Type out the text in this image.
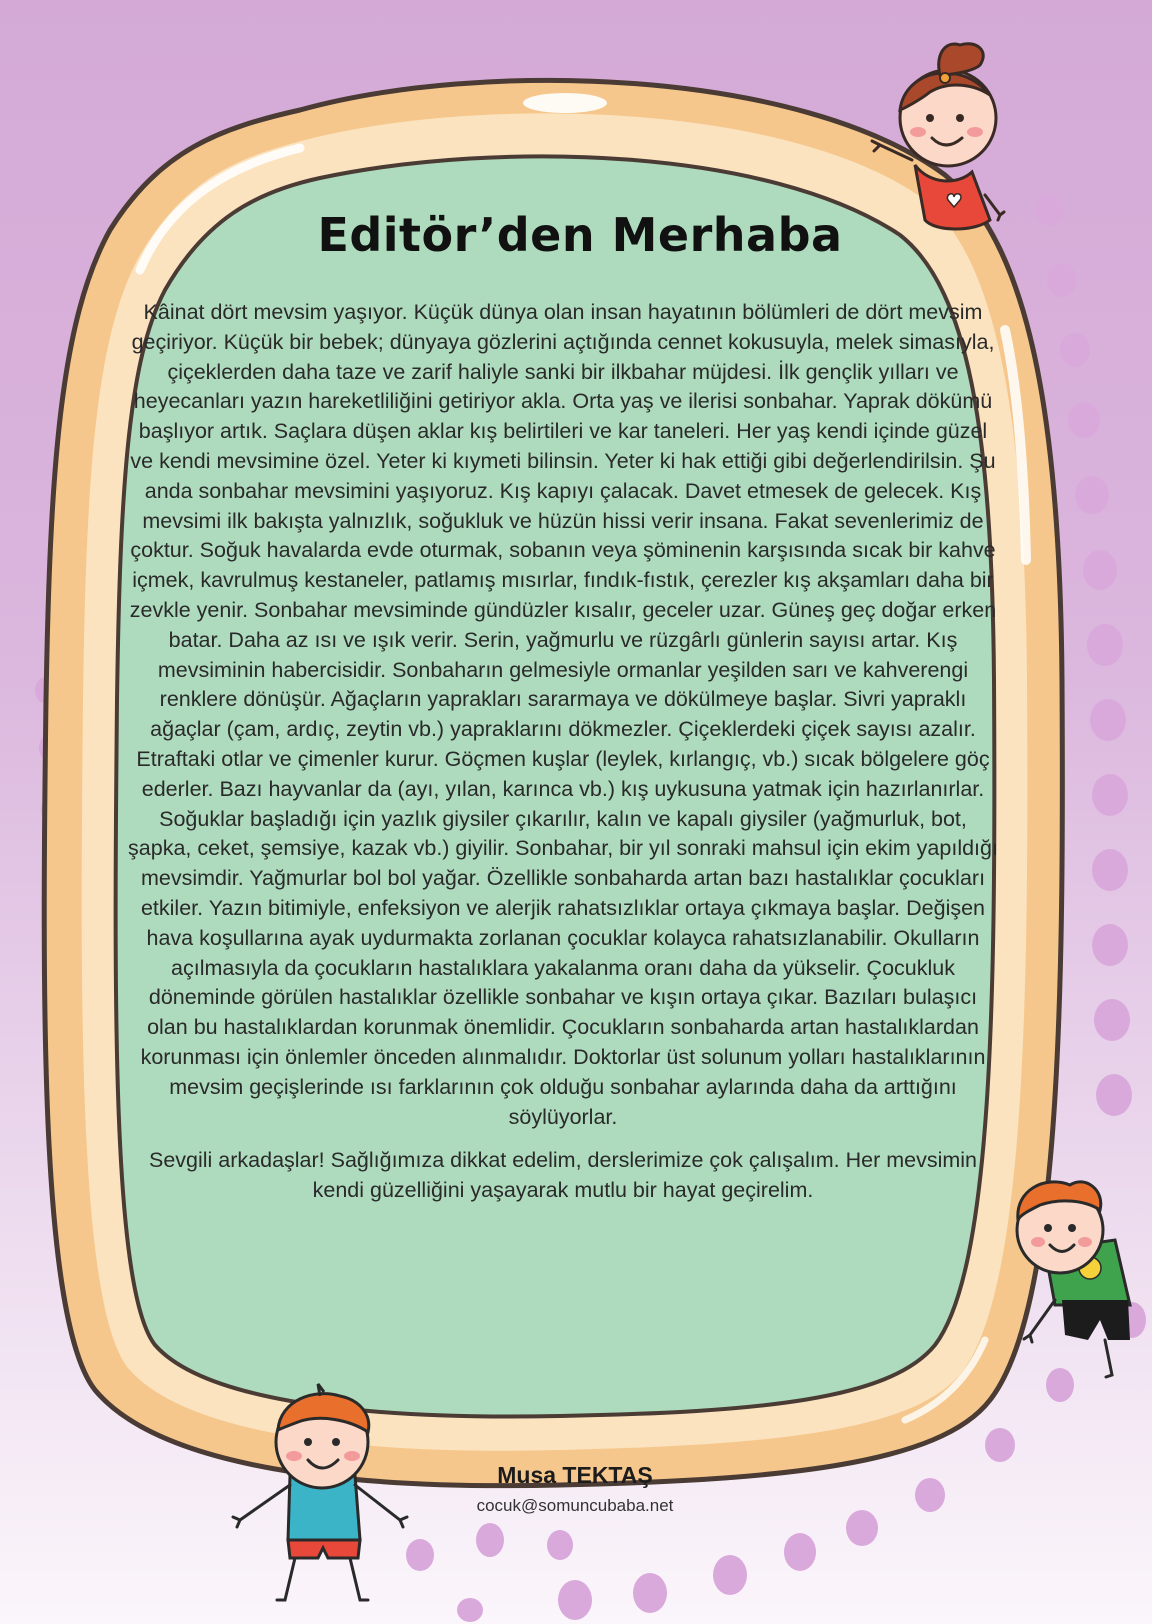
Editör’den Merhaba

Kâinat dört mevsim yaşıyor. Küçük dünya olan insan hayatının bölümleri de dört mevsim geçiriyor. Küçük bir bebek; dünyaya gözlerini açtığında cennet kokusuyla, melek simasıyla, çiçeklerden daha taze ve zarif haliyle sanki bir ilkbahar müjdesi. İlk gençlik yılları ve heyecanları yazın hareketliliğini getiriyor akla. Orta yaş ve ilerisi sonbahar. Yaprak dökümü başlıyor artık. Saçlara düşen aklar kış belirtileri ve kar taneleri. Her yaş kendi içinde güzel ve kendi mevsimine özel. Yeter ki kıymeti bilinsin. Yeter ki hak ettiği gibi değerlendirilsin. Şu anda sonbahar mevsimini yaşıyoruz. Kış kapıyı çalacak. Davet etmesek de gelecek. Kış mevsimi ilk bakışta yalnızlık, soğukluk ve hüzün hissi verir insana. Fakat sevenlerimiz de çoktur. Soğuk havalarda evde oturmak, sobanın veya şöminenin karşısında sıcak bir kahve içmek, kavrulmuş kestaneler, patlamış mısırlar, fındık-fıstık, çerezler kış akşamları daha bir zevkle yenir. Sonbahar mevsiminde gündüzler kısalır, geceler uzar. Güneş geç doğar erken batar. Daha az ısı ve ışık verir. Serin, yağmurlu ve rüzgârlı günlerin sayısı artar. Kış mevsiminin habercisidir. Sonbaharın gelmesiyle ormanlar yeşilden sarı ve kahverengi renklere dönüşür. Ağaçların yaprakları sararmaya ve dökülmeye başlar. Sivri yapraklı ağaçlar (çam, ardıç, zeytin vb.) yapraklarını dökmezler. Çiçeklerdeki çiçek sayısı azalır. Etraftaki otlar ve çimenler kurur. Göçmen kuşlar (leylek, kırlangıç, vb.) sıcak bölgelere göç ederler. Bazı hayvanlar da (ayı, yılan, karınca vb.) kış uykusuna yatmak için hazırlanırlar. Soğuklar başladığı için yazlık giysiler çıkarılır, kalın ve kapalı giysiler (yağmurluk, bot, şapka, ceket, şemsiye, kazak vb.) giyilir. Sonbahar, bir yıl sonraki mahsul için ekim yapıldığı mevsimdir. Yağmurlar bol bol yağar. Özellikle sonbaharda artan bazı hastalıklar çocukları etkiler. Yazın bitimiyle, enfeksiyon ve alerjik rahatsızlıklar ortaya çıkmaya başlar. Değişen hava koşullarına ayak uydurmakta zorlanan çocuklar kolayca rahatsızlanabilir. Okulların açılmasıyla da çocukların hastalıklara yakalanma oranı daha da yükselir. Çocukluk döneminde görülen hastalıklar özellikle sonbahar ve kışın ortaya çıkar. Bazıları bulaşıcı olan bu hastalıklardan korunmak önemlidir. Çocukların sonbaharda artan hastalıklardan korunması için önlemler önceden alınmalıdır. Doktorlar üst solunum yolları hastalıklarının mevsim geçişlerinde ısı farklarının çok olduğu sonbahar aylarında daha da arttığını söylüyorlar.

Sevgili arkadaşlar! Sağlığımıza dikkat edelim, derslerimize çok çalışalım. Her mevsimin kendi güzelliğini yaşayarak mutlu bir hayat geçirelim.

Musa TEKTAŞ
cocuk@somuncubaba.net
